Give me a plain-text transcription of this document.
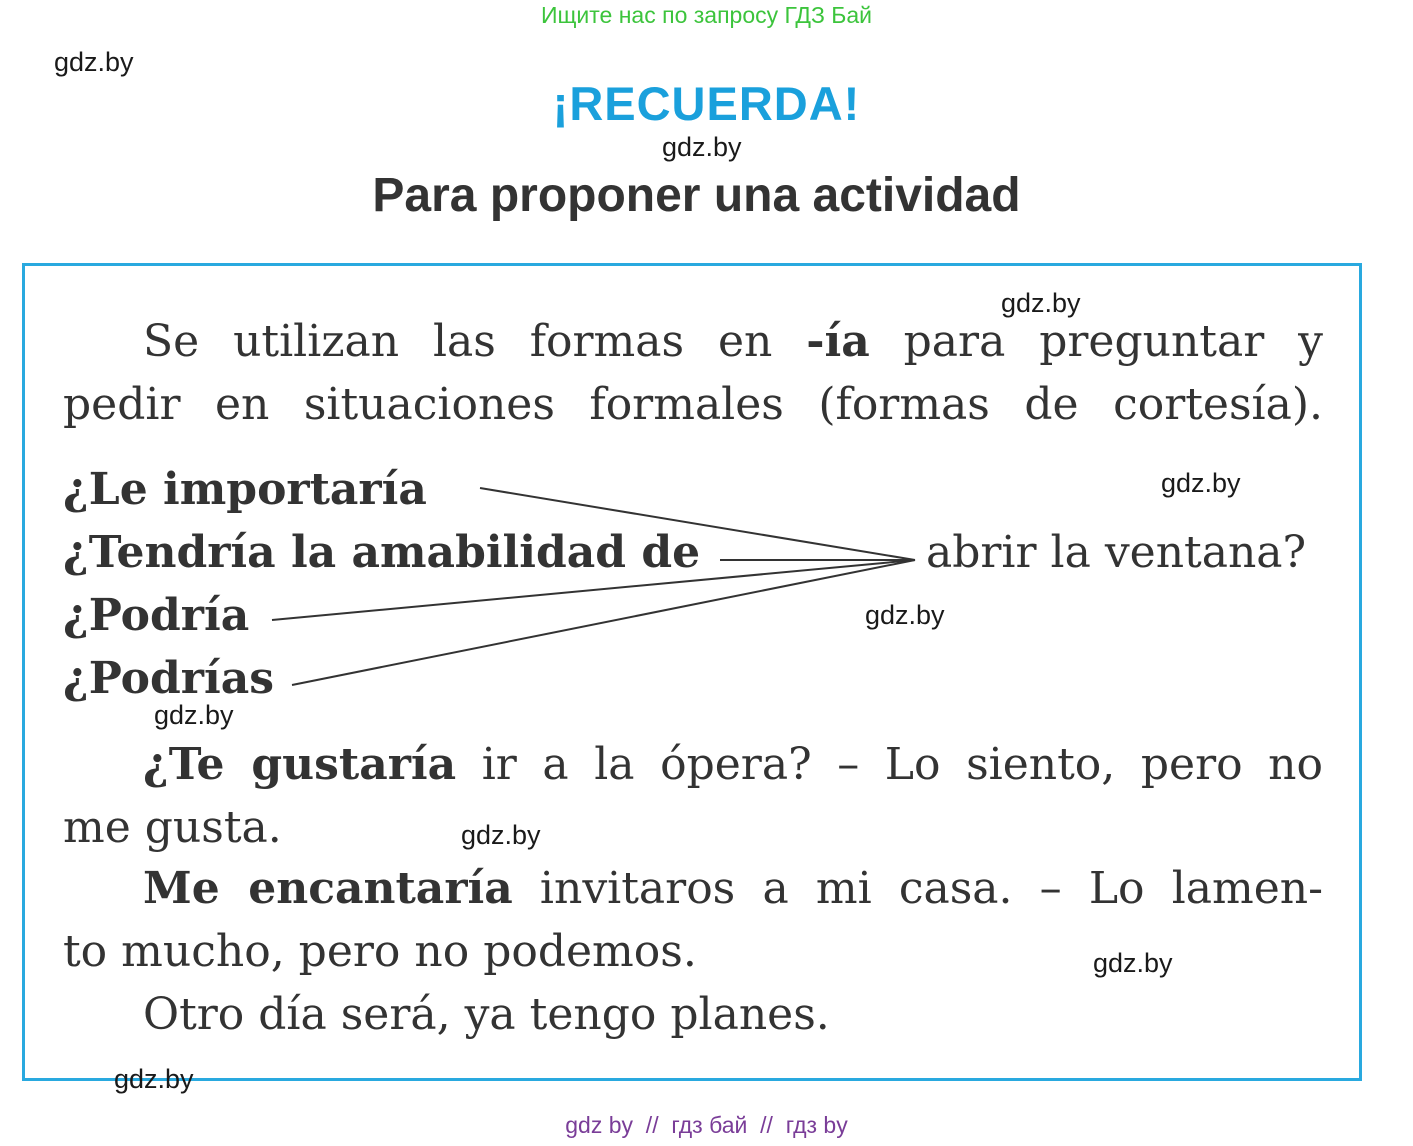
Ищите нас по запросу ГДЗ Бай
gdz.by
¡RECUERDA!
gdz.by
Para proponer una actividad
gdz.by
Se utilizan las formas en -ía para preguntar y
pedir en situaciones formales (formas de cortesía).
¿Le importaría
¿Tendría la amabilidad de
¿Podría
¿Podrías
abrir la ventana?
gdz.by
gdz.by
gdz.by
¿Te gustaría ir a la ópera? – Lo siento, pero no
me gusta.	gdz.by
Me encantaría invitaros a mi casa. – Lo lamen-
to mucho, pero no podemos.
Otro día será, ya tengo planes.
gdz.by
gdz.by
gdz by  //  гдз бай  //  гдз by
